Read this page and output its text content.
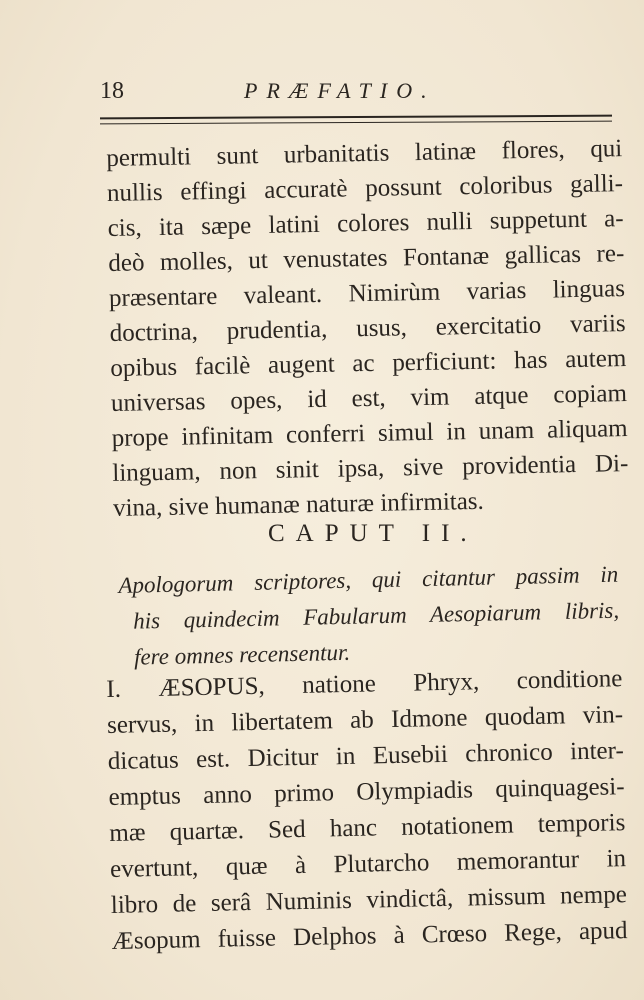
18	PRÆFATIO.
permulti sunt urbanitatis latinæ flores, qui
nullis effingi accuratè possunt coloribus galli-
cis, ita sæpe latini colores nulli suppetunt a-
deò molles, ut venustates Fontanæ gallicas re-
præsentare valeant. Nimirùm varias linguas
doctrina, prudentia, usus, exercitatio variis
opibus facilè augent ac perficiunt: has autem
universas opes, id est, vim atque copiam
prope infinitam conferri simul in unam aliquam
linguam, non sinit ipsa, sive providentia Di-
vina, sive humanæ naturæ infirmitas.
CAPUT II.
Apologorum scriptores, qui citantur passim in
his quindecim Fabularum Aesopiarum libris,
fere omnes recensentur.
I. ÆSOPUS, natione Phryx, conditione
servus, in libertatem ab Idmone quodam vin-
dicatus est. Dicitur in Eusebii chronico inter-
emptus anno primo Olympiadis quinquagesi-
mæ quartæ. Sed hanc notationem temporis
evertunt, quæ à Plutarcho memorantur in
libro de serâ Numinis vindictâ, missum nempe
Æsopum fuisse Delphos à Crœso Rege, apud
